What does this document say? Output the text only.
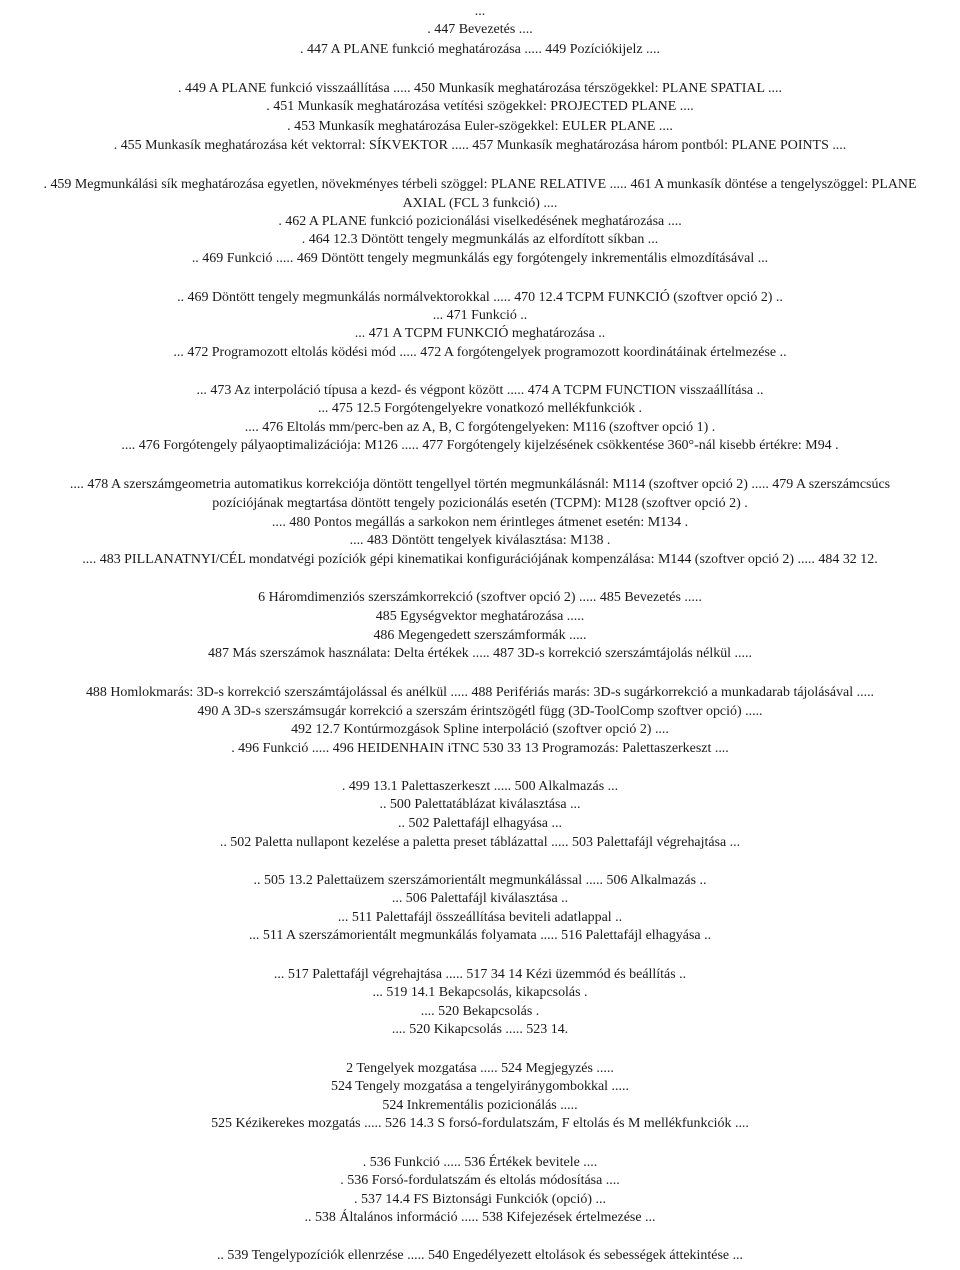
...
. 447 Bevezetés ....
. 447 A PLANE funkció meghatározása ..... 449 Pozíciókijelz ....
. 449 A PLANE funkció visszaállítása ..... 450 Munkasík meghatározása térszögekkel: PLANE SPATIAL ....
. 451 Munkasík meghatározása vetítési szögekkel: PROJECTED PLANE ....
. 453 Munkasík meghatározása Euler-szögekkel: EULER PLANE ....
. 455 Munkasík meghatározása két vektorral: SÍKVEKTOR ..... 457 Munkasík meghatározása három pontból: PLANE POINTS ....
. 459 Megmunkálási sík meghatározása egyetlen, növekményes térbeli szöggel: PLANE RELATIVE ..... 461 A munkasík döntése a tengelyszöggel: PLANE
AXIAL (FCL 3 funkció) ....
. 462 A PLANE funkció pozicionálási viselkedésének meghatározása ....
. 464 12.3 Döntött tengely megmunkálás az elfordított síkban ...
.. 469 Funkció ..... 469 Döntött tengely megmunkálás egy forgótengely inkrementális elmozdításával ...
.. 469 Döntött tengely megmunkálás normálvektorokkal ..... 470 12.4 TCPM FUNKCIÓ (szoftver opció 2) ..
... 471 Funkció ..
... 471 A TCPM FUNKCIÓ meghatározása ..
... 472 Programozott eltolás ködési mód ..... 472 A forgótengelyek programozott koordinátáinak értelmezése ..
... 473 Az interpoláció típusa a kezd- és végpont között ..... 474 A TCPM FUNCTION visszaállítása ..
... 475 12.5 Forgótengelyekre vonatkozó mellékfunkciók .
.... 476 Eltolás mm/perc-ben az A, B, C forgótengelyeken: M116 (szoftver opció 1) .
.... 476 Forgótengely pályaoptimalizációja: M126 ..... 477 Forgótengely kijelzésének csökkentése 360°-nál kisebb értékre: M94 .
.... 478 A szerszámgeometria automatikus korrekciója döntött tengellyel történ megmunkálásnál: M114 (szoftver opció 2) ..... 479 A szerszámcsúcs
pozíciójának megtartása döntött tengely pozicionálás esetén (TCPM): M128 (szoftver opció 2) .
.... 480 Pontos megállás a sarkokon nem érintleges átmenet esetén: M134 .
.... 483 Döntött tengelyek kiválasztása: M138 .
.... 483 PILLANATNYI/CÉL mondatvégi pozíciók gépi kinematikai konfigurációjának kompenzálása: M144 (szoftver opció 2) ..... 484 32 12.
6 Háromdimenziós szerszámkorrekció (szoftver opció 2) ..... 485 Bevezetés .....
485 Egységvektor meghatározása .....
486 Megengedett szerszámformák .....
487 Más szerszámok használata: Delta értékek ..... 487 3D-s korrekció szerszámtájolás nélkül .....
488 Homlokmarás: 3D-s korrekció szerszámtájolással és anélkül ..... 488 Perifériás marás: 3D-s sugárkorrekció a munkadarab tájolásával .....
490 A 3D-s szerszámsugár korrekció a szerszám érintszögétl függ (3D-ToolComp szoftver opció) .....
492 12.7 Kontúrmozgások Spline interpoláció (szoftver opció 2) ....
. 496 Funkció ..... 496 HEIDENHAIN iTNC 530 33 13 Programozás: Palettaszerkeszt ....
. 499 13.1 Palettaszerkeszt ..... 500 Alkalmazás ...
.. 500 Palettatáblázat kiválasztása ...
.. 502 Palettafájl elhagyása ...
.. 502 Paletta nullapont kezelése a paletta preset táblázattal ..... 503 Palettafájl végrehajtása ...
.. 505 13.2 Palettaüzem szerszámorientált megmunkálással ..... 506 Alkalmazás ..
... 506 Palettafájl kiválasztása ..
... 511 Palettafájl összeállítása beviteli adatlappal ..
... 511 A szerszámorientált megmunkálás folyamata ..... 516 Palettafájl elhagyása ..
... 517 Palettafájl végrehajtása ..... 517 34 14 Kézi üzemmód és beállítás ..
... 519 14.1 Bekapcsolás, kikapcsolás .
.... 520 Bekapcsolás .
.... 520 Kikapcsolás ..... 523 14.
2 Tengelyek mozgatása ..... 524 Megjegyzés .....
524 Tengely mozgatása a tengelyiránygombokkal .....
524 Inkrementális pozicionálás .....
525 Kézikerekes mozgatás ..... 526 14.3 S forsó-fordulatszám, F eltolás és M mellékfunkciók ....
. 536 Funkció ..... 536 Értékek bevitele ....
. 536 Forsó-fordulatszám és eltolás módosítása ....
. 537 14.4 FS Biztonsági Funkciók (opció) ...
.. 538 Általános információ ..... 538 Kifejezések értelmezése ...
.. 539 Tengelypozíciók ellenrzése ..... 540 Engedélyezett eltolások és sebességek áttekintése ...
